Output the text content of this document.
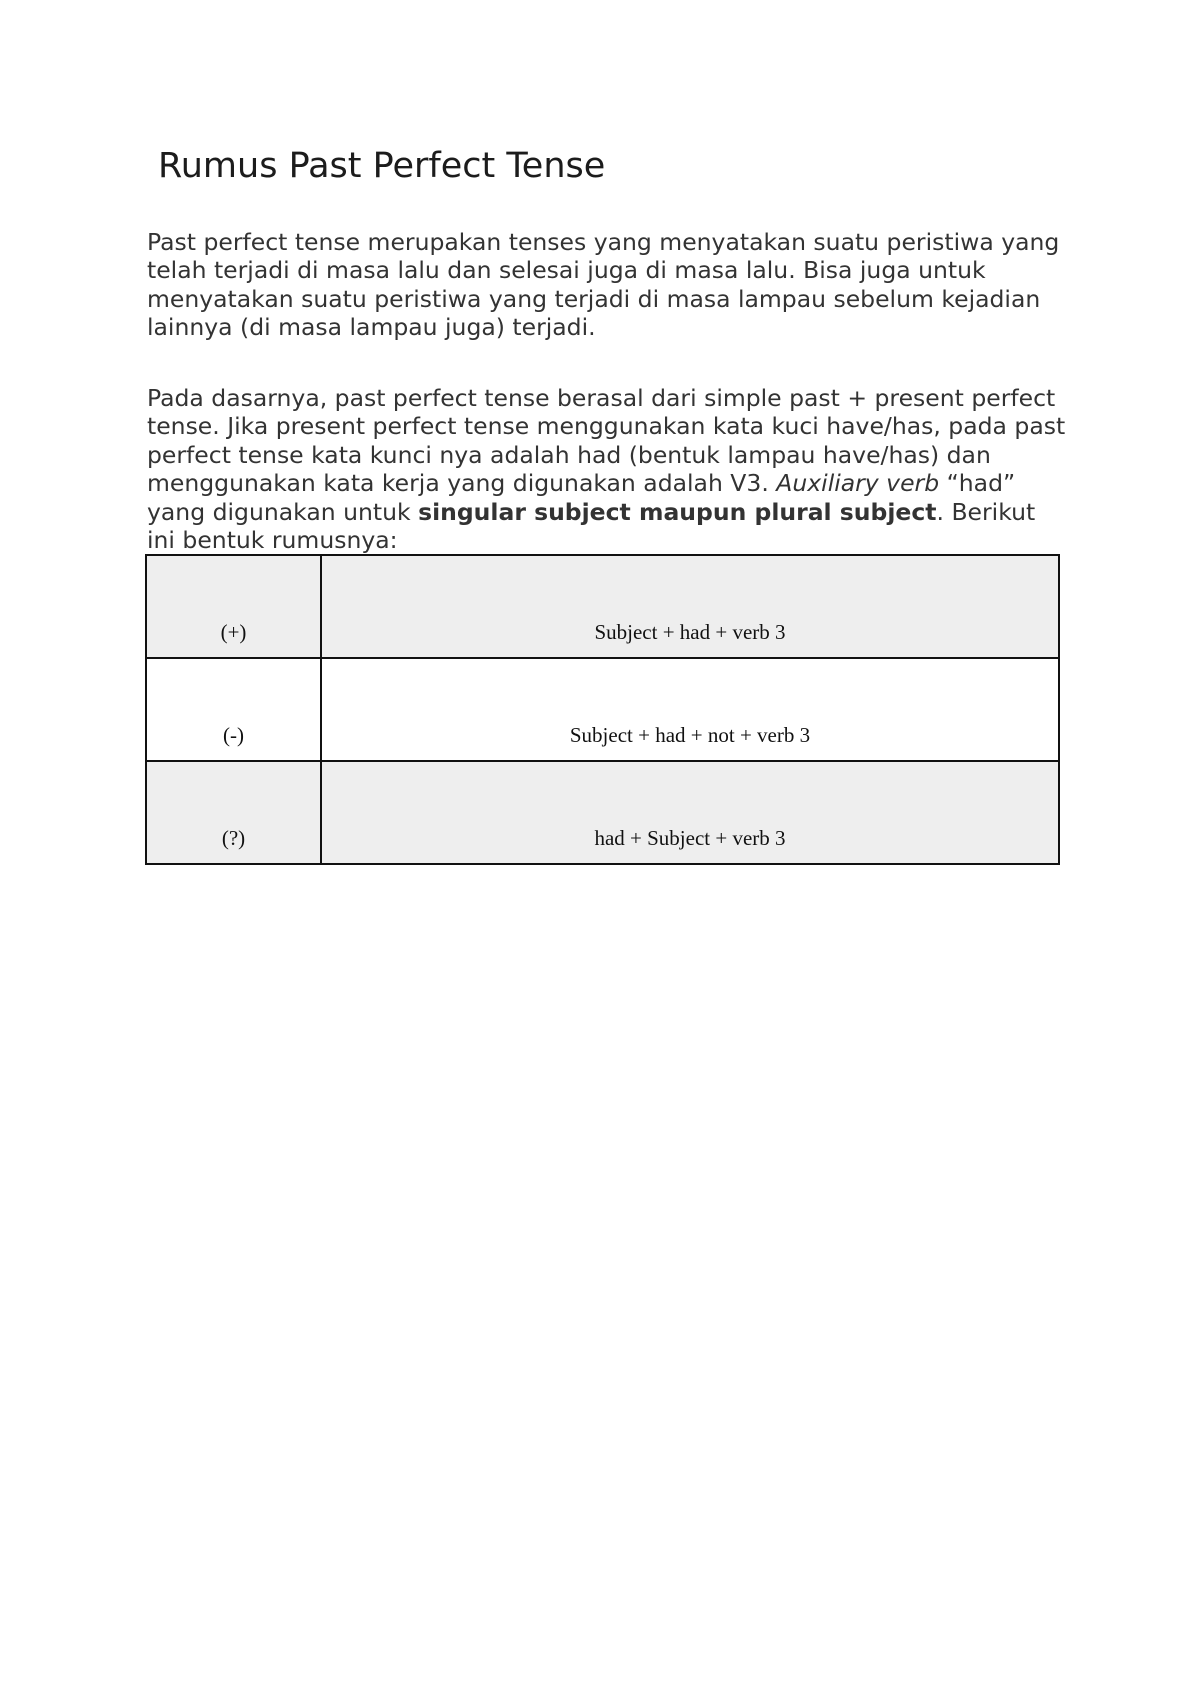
Rumus Past Perfect Tense

Past perfect tense merupakan tenses yang menyatakan suatu peristiwa yang telah terjadi di masa lalu dan selesai juga di masa lalu. Bisa juga untuk menyatakan suatu peristiwa yang terjadi di masa lampau sebelum kejadian lainnya (di masa lampau juga) terjadi.

Pada dasarnya, past perfect tense berasal dari simple past + present perfect tense. Jika present perfect tense menggunakan kata kuci have/has, pada past perfect tense kata kunci nya adalah had (bentuk lampau have/has) dan menggunakan kata kerja yang digunakan adalah V3. Auxiliary verb “had” yang digunakan untuk singular subject maupun plural subject. Berikut ini bentuk rumusnya:

(+)	Subject + had + verb 3
(-)	Subject + had + not + verb 3
(?)	had + Subject + verb 3
